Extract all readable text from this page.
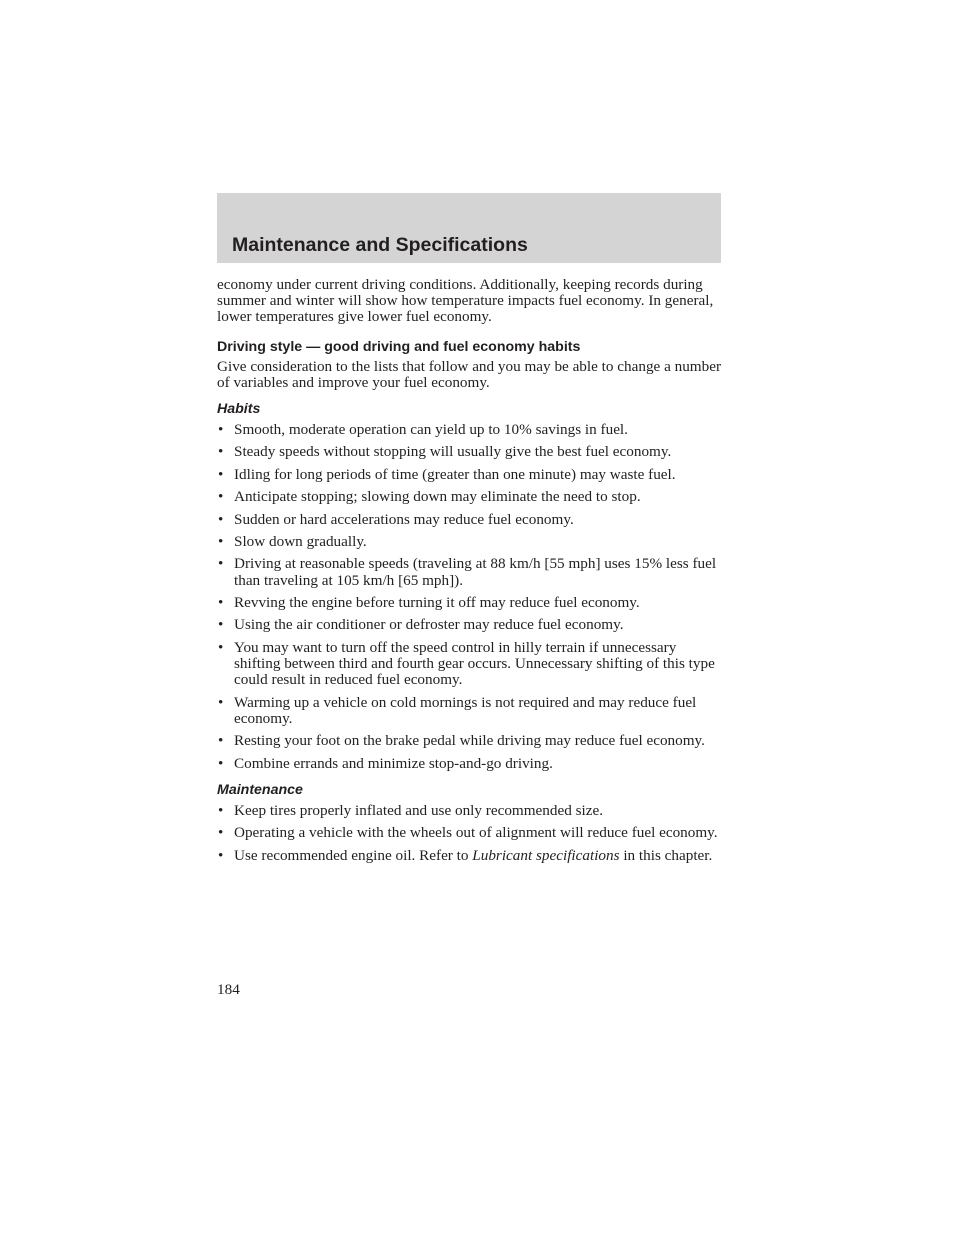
Maintenance and Specifications

economy under current driving conditions. Additionally, keeping records during summer and winter will show how temperature impacts fuel economy. In general, lower temperatures give lower fuel economy.

Driving style — good driving and fuel economy habits

Give consideration to the lists that follow and you may be able to change a number of variables and improve your fuel economy.

Habits
• Smooth, moderate operation can yield up to 10% savings in fuel.
• Steady speeds without stopping will usually give the best fuel economy.
• Idling for long periods of time (greater than one minute) may waste fuel.
• Anticipate stopping; slowing down may eliminate the need to stop.
• Sudden or hard accelerations may reduce fuel economy.
• Slow down gradually.
• Driving at reasonable speeds (traveling at 88 km/h [55 mph] uses 15% less fuel than traveling at 105 km/h [65 mph]).
• Revving the engine before turning it off may reduce fuel economy.
• Using the air conditioner or defroster may reduce fuel economy.
• You may want to turn off the speed control in hilly terrain if unnecessary shifting between third and fourth gear occurs. Unnecessary shifting of this type could result in reduced fuel economy.
• Warming up a vehicle on cold mornings is not required and may reduce fuel economy.
• Resting your foot on the brake pedal while driving may reduce fuel economy.
• Combine errands and minimize stop-and-go driving.
Maintenance
• Keep tires properly inflated and use only recommended size.
• Operating a vehicle with the wheels out of alignment will reduce fuel economy.
• Use recommended engine oil. Refer to Lubricant specifications in this chapter.
184
